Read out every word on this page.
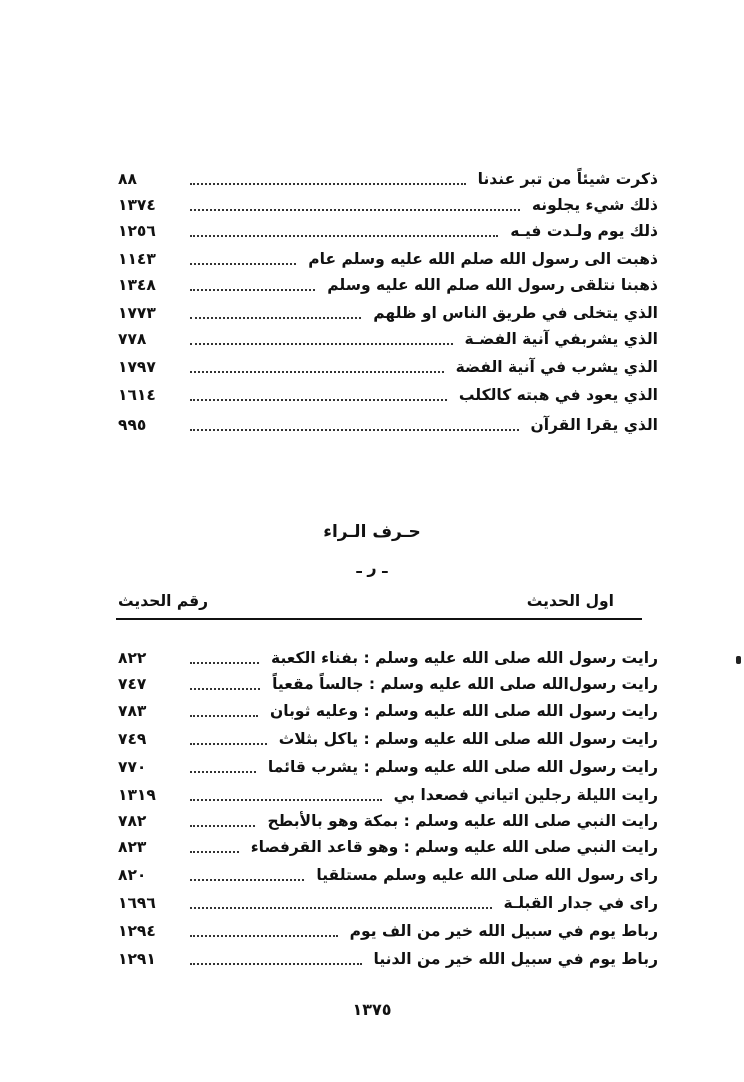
ذكرت شيئاً من تبر عندنا
٨٨
ذلك شيء يجلونه
١٣٧٤
ذلك يوم ولـدت فيـه
١٢٥٦
ذهبت الى رسول الله صلم الله عليه وسلم عام
١١٤٣
ذهبنا نتلقى رسول الله صلم الله عليه وسلم
١٣٤٨
الذي يتخلى في طريق الناس او ظلهم
١٧٧٣
الذي يشربفي آنية الفضـة
٧٧٨
الذي يشرب في آنية الفضة
١٧٩٧
الذي يعود في هبته كالكلب
١٦١٤
الذي يقرا القرآن
٩٩٥
حـرف الـراء
ـ ر ـ
اول الحديث
رقم الحديث
رايت رسول الله صلى الله عليه وسلم : بفناء الكعبة
٨٢٢
رايت رسول‌الله صلى الله عليه وسلم : جالساً مقعياً
٧٤٧
رايت رسول الله صلى الله عليه وسلم : وعليه ثوبان
٧٨٣
رايت رسول الله صلى الله عليه وسلم : ياكل بثلاث
٧٤٩
رايت رسول الله صلى الله عليه وسلم : يشرب قائما
٧٧٠
رايت الليلة رجلين اتياني فصعدا بي
١٣١٩
رايت النبي صلى الله عليه وسلم : بمكة وهو بالأبطح
٧٨٢
رايت النبي صلى الله عليه وسلم : وهو قاعد القرفصاء
٨٢٣
راى رسول الله صلى الله عليه وسلم مستلقيا
٨٢٠
راى في جدار القبلـة
١٦٩٦
رباط يوم في سبيل الله خير من الف يوم
١٢٩٤
رباط يوم في سبيل الله خير من الدنيا
١٢٩١
١٣٧٥
